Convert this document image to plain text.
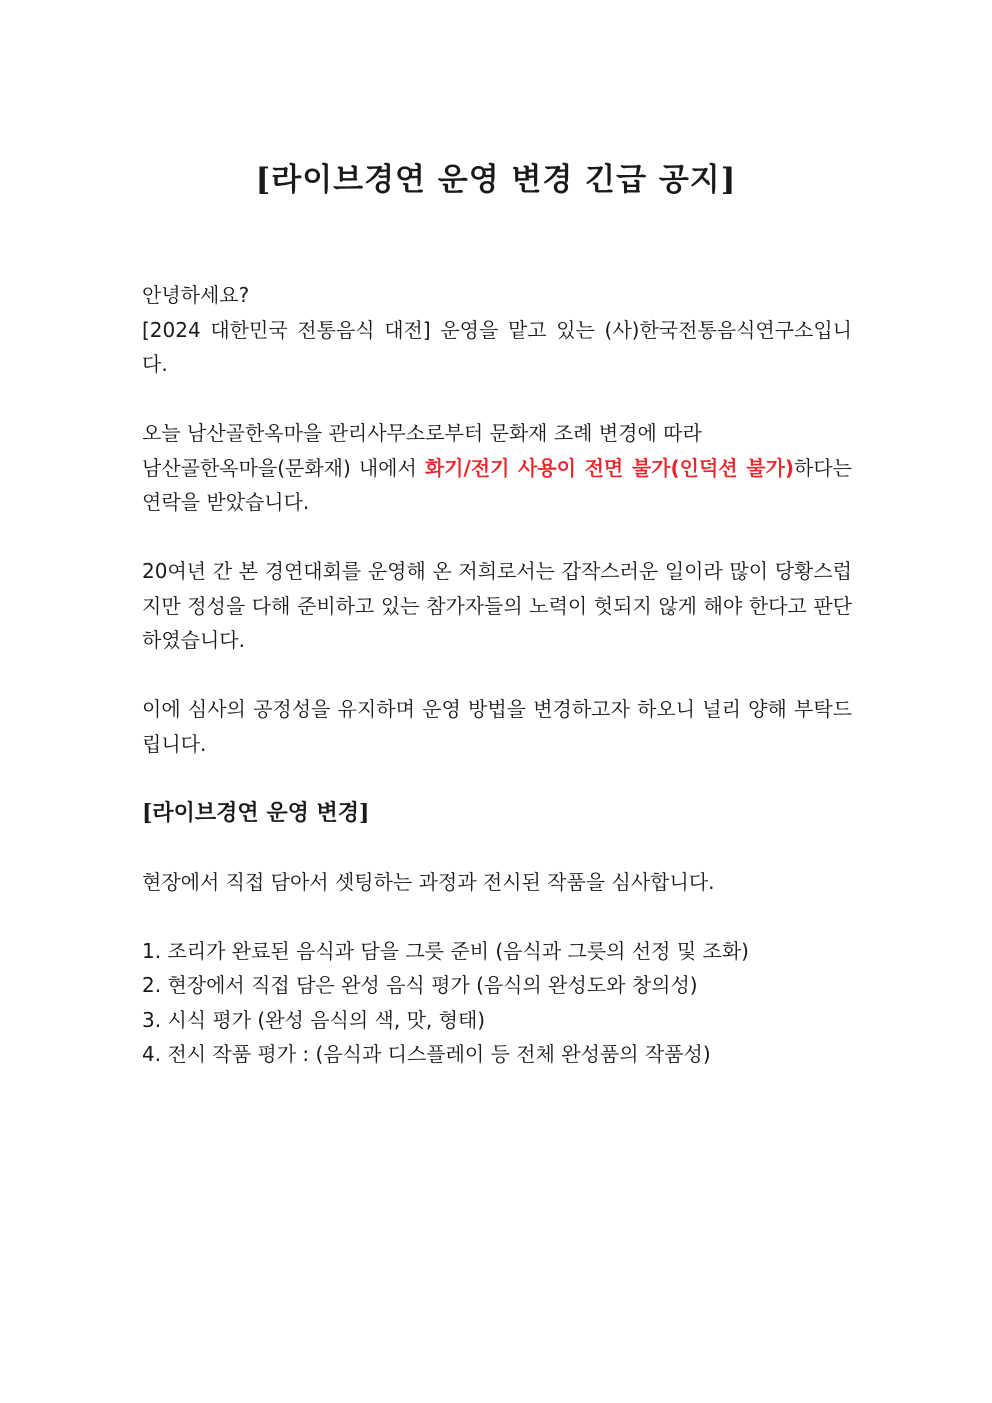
[라이브경연 운영 변경 긴급 공지]

안녕하세요?

[2024 대한민국 전통음식 대전] 운영을 맡고 있는 (사)한국전통음식연구소입니다.

오늘 남산골한옥마을 관리사무소로부터 문화재 조례 변경에 따라

남산골한옥마을(문화재) 내에서 화기/전기 사용이 전면 불가(인덕션 불가)하다는 연락을 받았습니다.

20여년 간 본 경연대회를 운영해 온 저희로서는 갑작스러운 일이라 많이 당황스럽지만 정성을 다해 준비하고 있는 참가자들의 노력이 헛되지 않게 해야 한다고 판단하였습니다.

이에 심사의 공정성을 유지하며 운영 방법을 변경하고자 하오니 널리 양해 부탁드립니다.

[라이브경연 운영 변경]

현장에서 직접 담아서 셋팅하는 과정과 전시된 작품을 심사합니다.

1. 조리가 완료된 음식과 담을 그릇 준비 (음식과 그릇의 선정 및 조화)
2. 현장에서 직접 담은 완성 음식 평가 (음식의 완성도와 창의성)
3. 시식 평가 (완성 음식의 색, 맛, 형태)
4. 전시 작품 평가 : (음식과 디스플레이 등 전체 완성품의 작품성)
